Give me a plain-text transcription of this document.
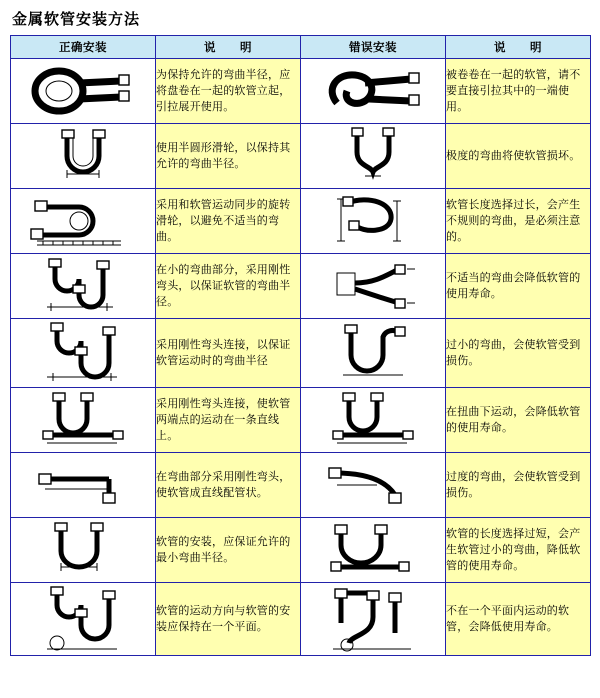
金属软管安装方法
正确安装	说　　明	错误安装	说　　明

	为保持允许的弯曲半径，应将盘卷在一起的软管立起，引拉展开使用。		被卷卷在一起的软管，请不要直接引拉其中的一端使用。

	使用半圆形滑轮，以保持其允许的弯曲半径。		极度的弯曲将使软管损坏。

	采用和软管运动同步的旋转滑轮，以避免不适当的弯曲。		软管长度选择过长，会产生不规则的弯曲，是必须注意的。

	在小的弯曲部分，采用刚性弯头，以保证软管的弯曲半径。		不适当的弯曲会降低软管的使用寿命。

	采用刚性弯头连接，以保证软管运动时的弯曲半径		过小的弯曲，会使软管受到损伤。

	采用刚性弯头连接，使软管两端点的运动在一条直线上。		在扭曲下运动，会降低软管的使用寿命。

	在弯曲部分采用刚性弯头，使软管成直线配管状。		过度的弯曲，会使软管受到损伤。

	软管的安装，应保证允许的最小弯曲半径。		软管的长度选择过短，会产生软管过小的弯曲，降低软管的使用寿命。

	软管的运动方向与软管的安装应保持在一个平面。		不在一个平面内运动的软管，会降低使用寿命。
